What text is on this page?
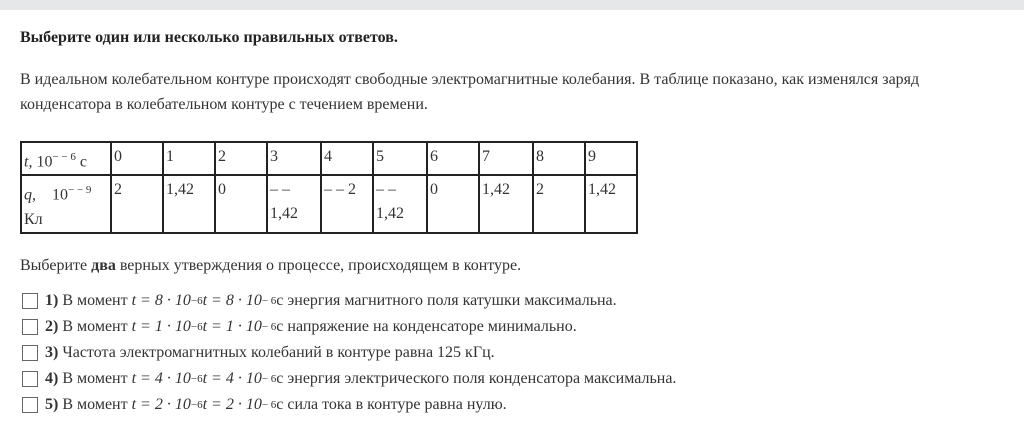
Выберите один или несколько правильных ответов.
В идеальном колебательном контуре происходят свободные электромагнитные колебания. В таблице показано, как изменялся заряд конденсатора в колебательном контуре с течением времени.
t, $10^{- - 6}$ с	0	1	2	3	4	5	6	7	8	9
q, $10^{- - 9}$
Кл	2	1,42	0	– – 1,42	– – 2	– – 1,42	0	1,42	2	1,42
Выберите два верных утверждения о процессе, происходящем в контуре.
1) В момент
t = 8 · 10 −6 t = 8 · 10 − 6 с энергия магнитного поля катушки максимальна.
2) В момент
t = 1 · 10 −6 t = 1 · 10 − 6 с напряжение на конденсаторе минимально.
3) Частота электромагнитных колебаний в контуре равна 125 кГц.
4) В момент
t = 4 · 10 −6 t = 4 · 10 − 6 с энергия электрического поля конденсатора максимальна.
5) В момент
t = 2 · 10 −6 t = 2 · 10 − 6 с сила тока в контуре равна нулю.
